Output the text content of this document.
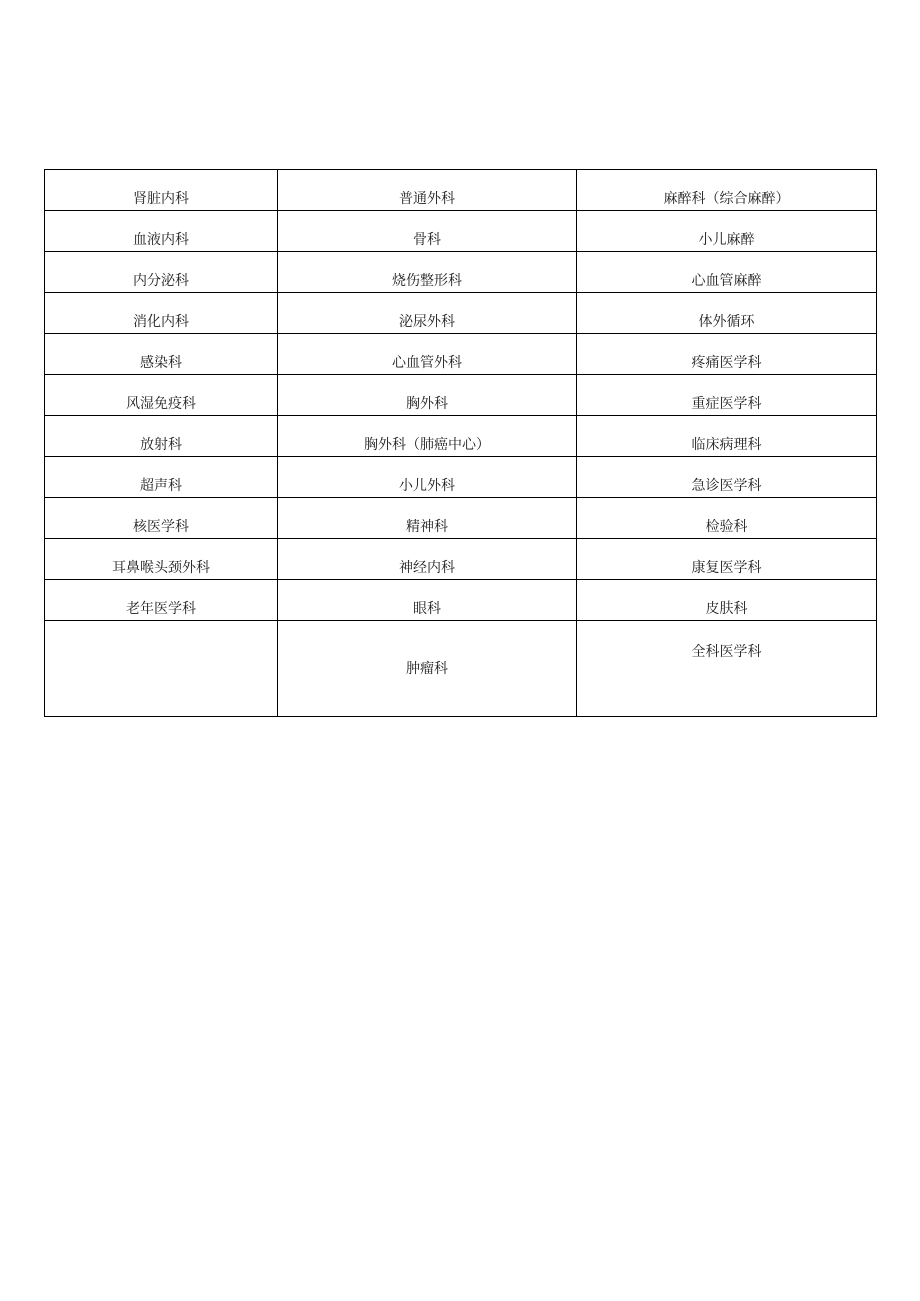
肾脏内科	普通外科	麻醉科（综合麻醉）
血液内科	骨科	小儿麻醉
内分泌科	烧伤整形科	心血管麻醉
消化内科	泌尿外科	体外循环
感染科	心血管外科	疼痛医学科
风湿免疫科	胸外科	重症医学科
放射科	胸外科（肺癌中心）	临床病理科
超声科	小儿外科	急诊医学科
核医学科	精神科	检验科
耳鼻喉头颈外科	神经内科	康复医学科
老年医学科	眼科	皮肤科
	肿瘤科	全科医学科
